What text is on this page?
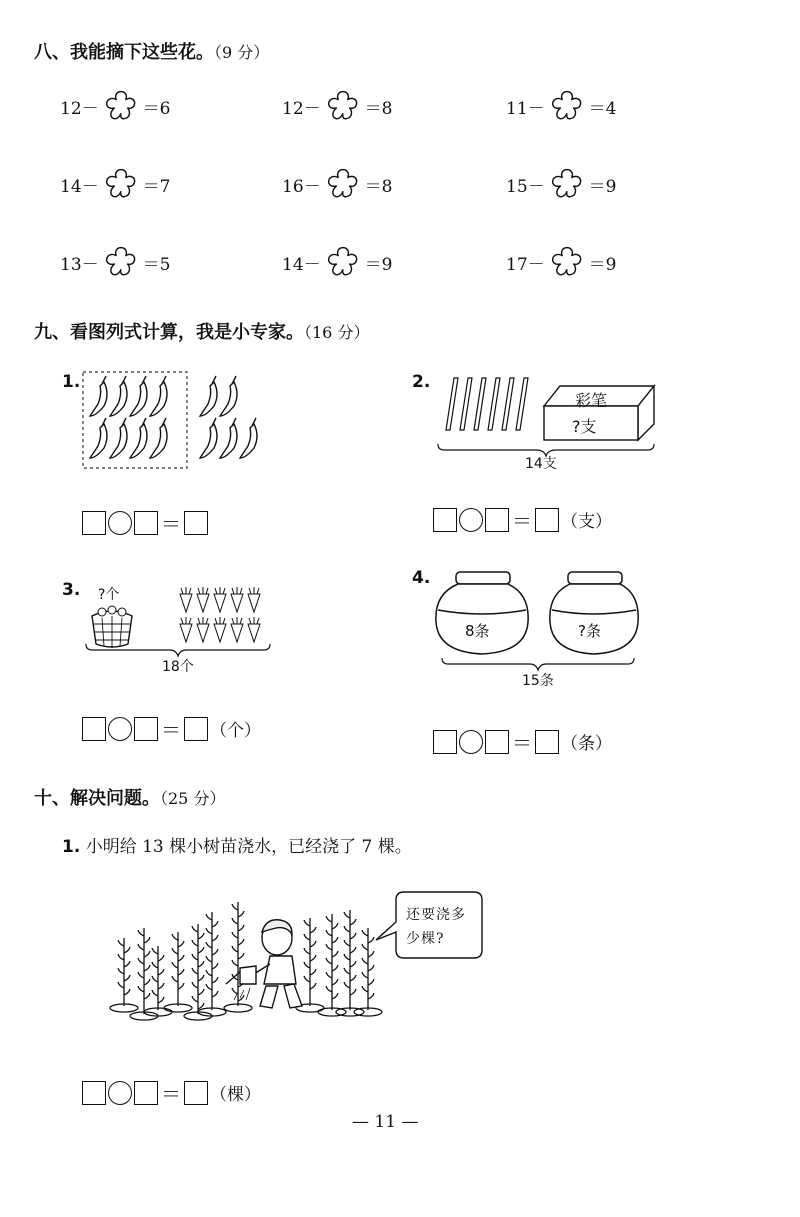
八、我能摘下这些花。（9 分）
12－	＝6	12－	＝8	11－	＝4
14－	＝7	16－	＝8	15－	＝9
13－	＝5	14－	＝9	17－	＝9
九、看图列式计算，我是小专家。（16 分）
1.
＝
2.
彩笔
?支
14支
＝ （支）
3. ?个
18个
＝ （个）
4.
8条	?条
15条
＝ （条）
十、解决问题。（25 分）
1. 小明给 13 棵小树苗浇水，已经浇了 7 棵。
还要浇多
少棵?
＝ （棵）
— 11 —
